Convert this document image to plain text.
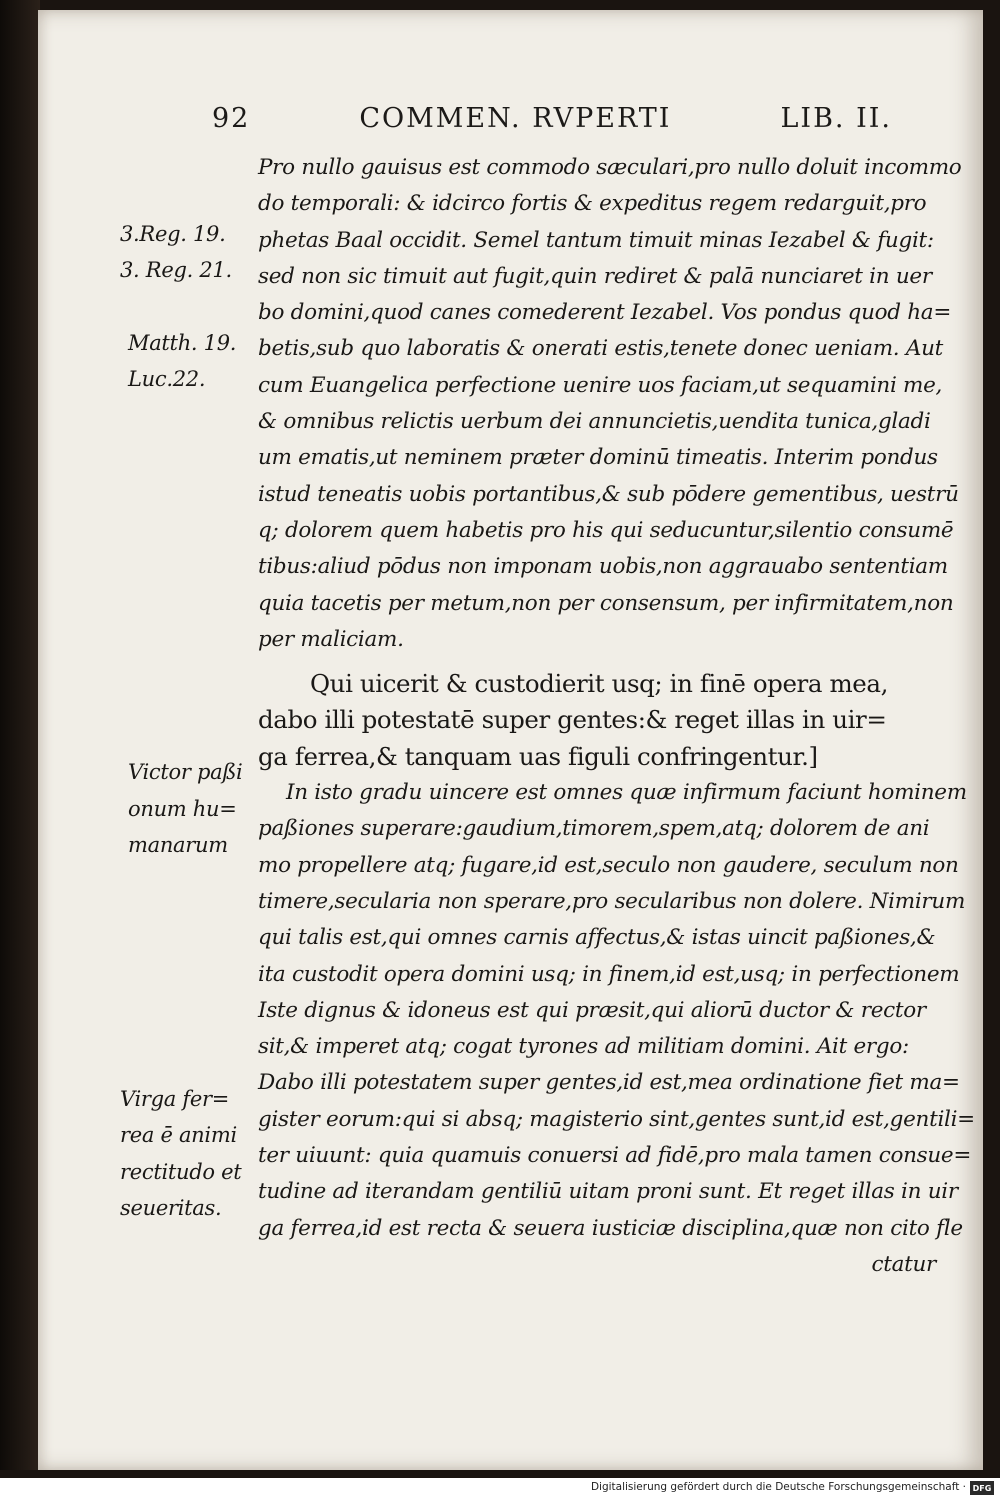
92	COMMEN. RVPERTI	LIB. II.
3.Reg. 19.
3. Reg. 21.
Matth. 19.
Luc.22.
Victor paßi
onum hu=
manarum
Virga fer=
rea ē animi
rectitudo et
seueritas.
Pro nullo gauisus est commodo sæculari,pro nullo doluit incommo
do temporali: & idcirco fortis & expeditus regem redarguit,pro
phetas Baal occidit. Semel tantum timuit minas Iezabel & fugit:
sed non sic timuit aut fugit,quin rediret & palā nunciaret in uer
bo domini,quod canes comederent Iezabel. Vos pondus quod ha=
betis,sub quo laboratis & onerati estis,tenete donec ueniam. Aut
cum Euangelica perfectione uenire uos faciam,ut sequamini me,
& omnibus relictis uerbum dei annuncietis,uendita tunica,gladi
um ematis,ut neminem præter dominū timeatis. Interim pondus
istud teneatis uobis portantibus,& sub pōdere gementibus, uestrū
q; dolorem quem habetis pro his qui seducuntur,silentio consumē
tibus:aliud pōdus non imponam uobis,non aggrauabo sententiam
quia tacetis per metum,non per consensum, per infirmitatem,non
per maliciam.
Qui uicerit & custodierit usq; in finē opera mea,
dabo illi potestatē super gentes:& reget illas in uir=
ga ferrea,& tanquam uas figuli confringentur.]
In isto gradu uincere est omnes quæ infirmum faciunt hominem
paßiones superare:gaudium,timorem,spem,atq; dolorem de ani
mo propellere atq; fugare,id est,seculo non gaudere, seculum non
timere,secularia non sperare,pro secularibus non dolere. Nimirum
qui talis est,qui omnes carnis affectus,& istas uincit paßiones,&
ita custodit opera domini usq; in finem,id est,usq; in perfectionem
Iste dignus & idoneus est qui præsit,qui aliorū ductor & rector
sit,& imperet atq; cogat tyrones ad militiam domini. Ait ergo:
Dabo illi potestatem super gentes,id est,mea ordinatione fiet ma=
gister eorum:qui si absq; magisterio sint,gentes sunt,id est,gentili=
ter uiuunt: quia quamuis conuersi ad fidē,pro mala tamen consue=
tudine ad iterandam gentiliū uitam proni sunt. Et reget illas in uir
ga ferrea,id est recta & seuera iusticiæ disciplina,quæ non cito fle
ctatur
Digitalisierung gefördert durch die Deutsche Forschungsgemeinschaft · DFG
